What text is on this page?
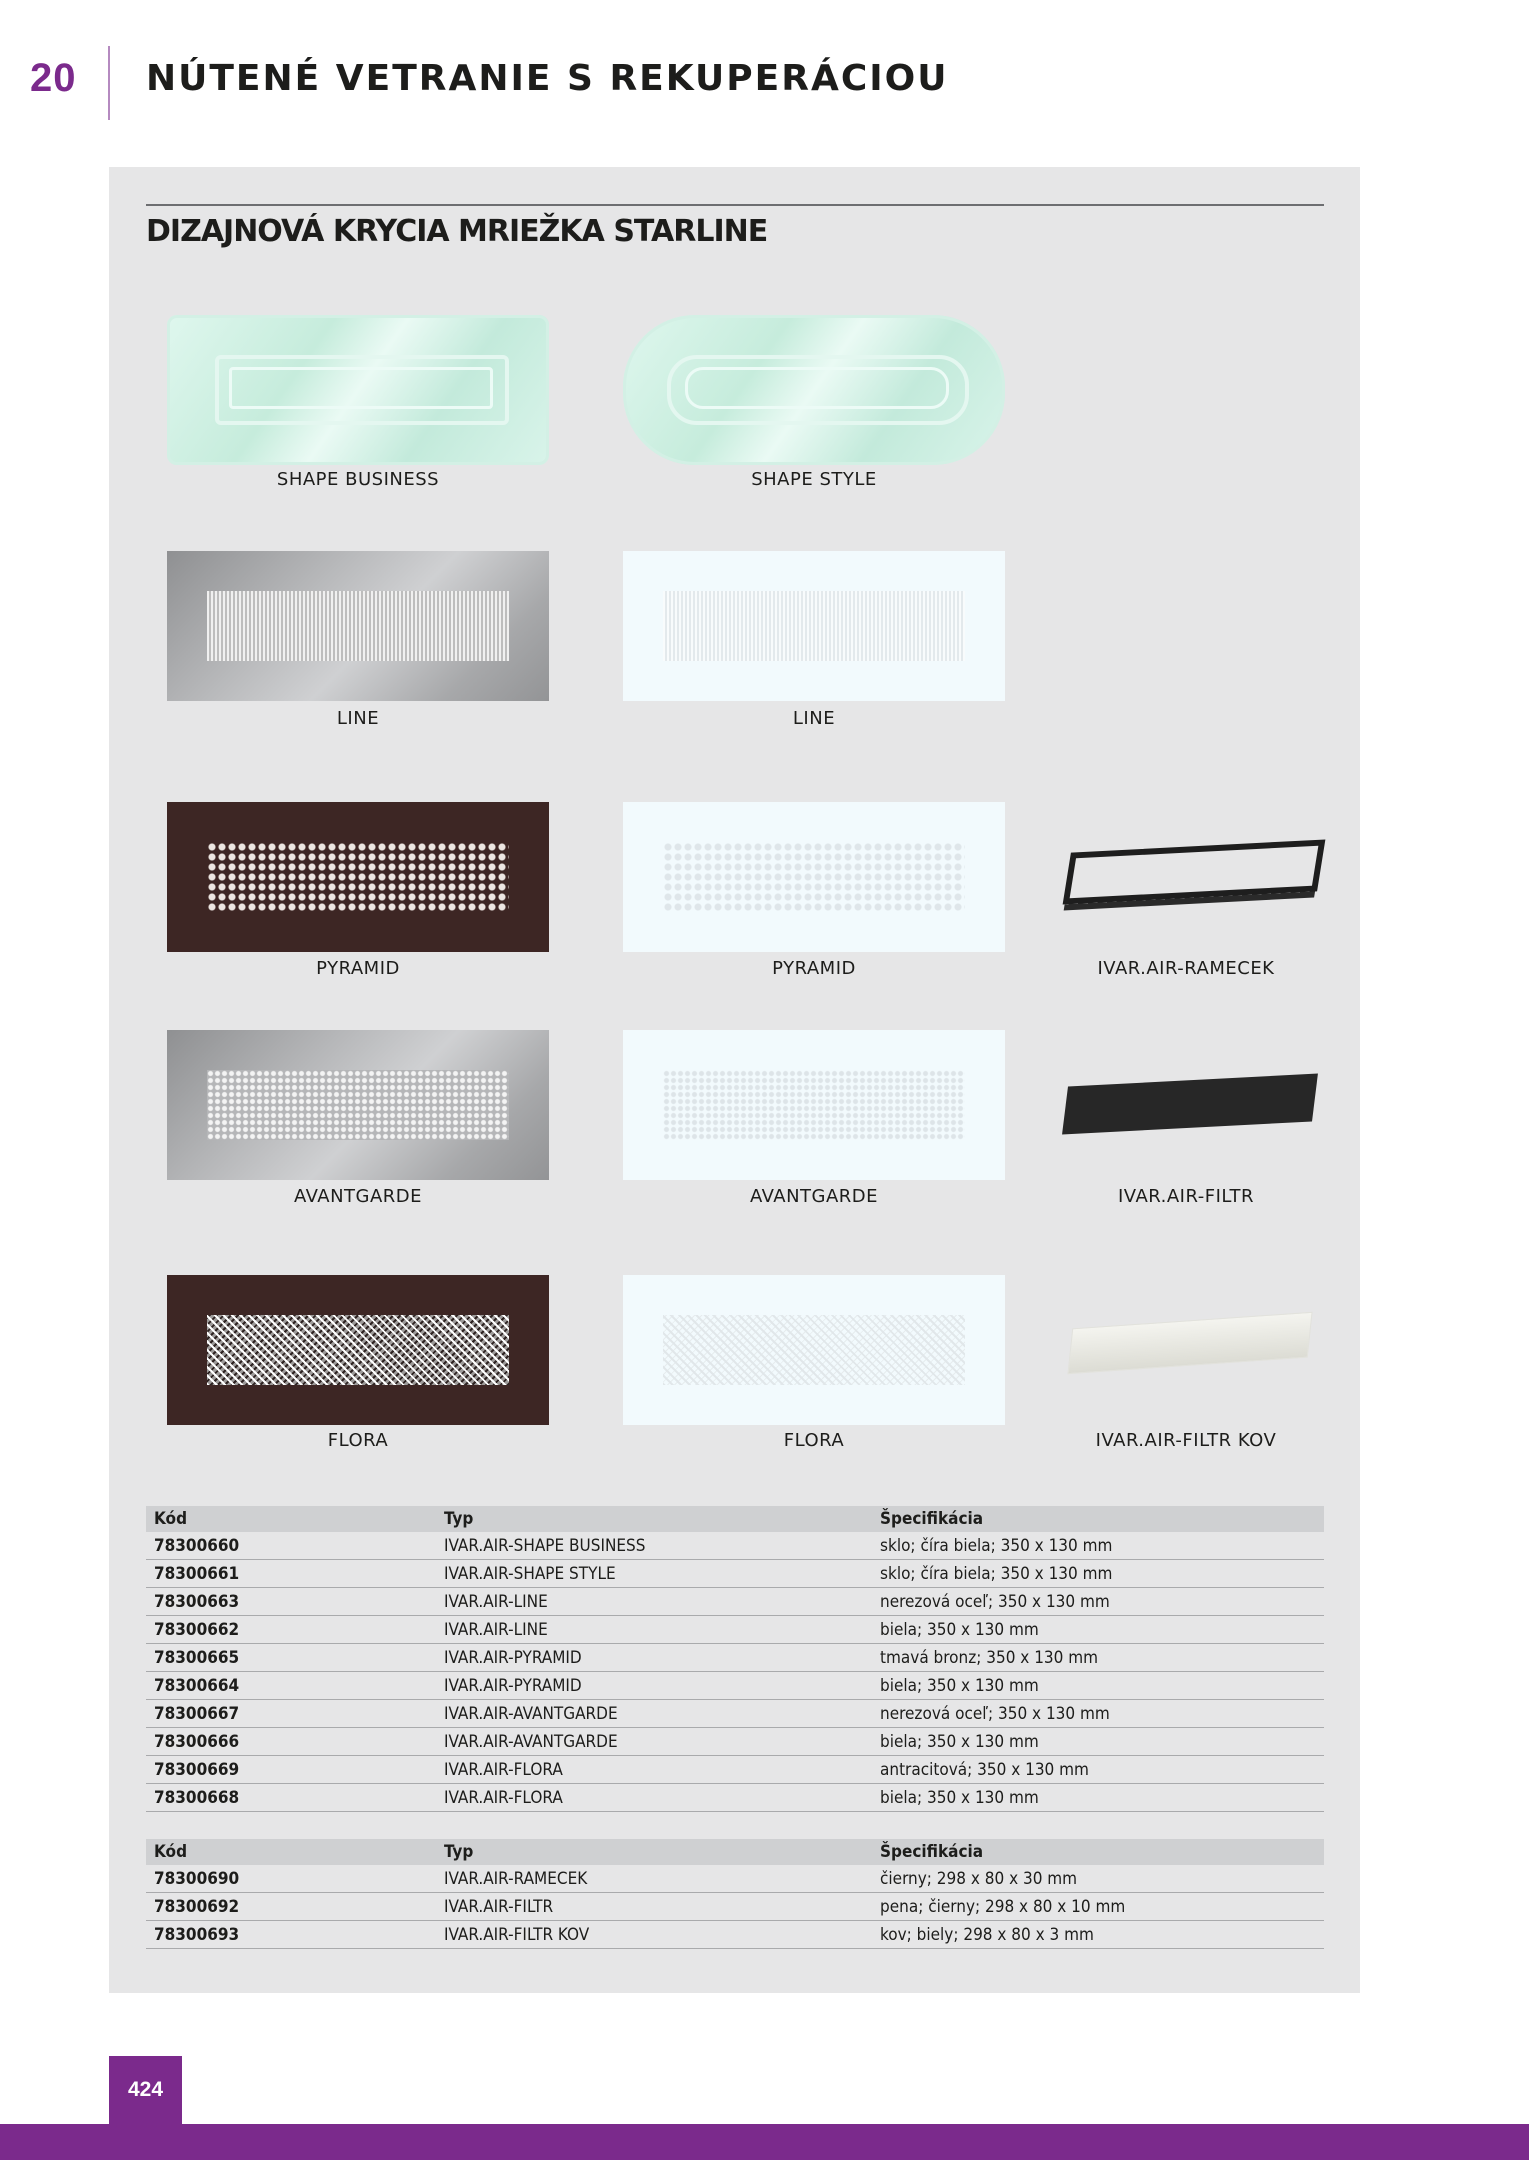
20 NÚTENÉ VETRANIE S REKUPERÁCIOU
DIZAJNOVÁ KRYCIA MRIEŽKA STARLINE
SHAPE BUSINESS	SHAPE STYLE
LINE	LINE
PYRAMID	PYRAMID	IVAR.AIR-RAMECEK
AVANTGARDE	AVANTGARDE	IVAR.AIR-FILTR
FLORA	FLORA	IVAR.AIR-FILTR KOV
Kód	Typ	Špecifikácia
78300660	IVAR.AIR-SHAPE BUSINESS	sklo; číra biela; 350 x 130 mm
78300661	IVAR.AIR-SHAPE STYLE	sklo; číra biela; 350 x 130 mm
78300663	IVAR.AIR-LINE	nerezová oceľ; 350 x 130 mm
78300662	IVAR.AIR-LINE	biela; 350 x 130 mm
78300665	IVAR.AIR-PYRAMID	tmavá bronz; 350 x 130 mm
78300664	IVAR.AIR-PYRAMID	biela; 350 x 130 mm
78300667	IVAR.AIR-AVANTGARDE	nerezová oceľ; 350 x 130 mm
78300666	IVAR.AIR-AVANTGARDE	biela; 350 x 130 mm
78300669	IVAR.AIR-FLORA	antracitová; 350 x 130 mm
78300668	IVAR.AIR-FLORA	biela; 350 x 130 mm
Kód	Typ	Špecifikácia
78300690	IVAR.AIR-RAMECEK	čierny; 298 x 80 x 30 mm
78300692	IVAR.AIR-FILTR	pena; čierny; 298 x 80 x 10 mm
78300693	IVAR.AIR-FILTR KOV	kov; biely; 298 x 80 x 3 mm
424
